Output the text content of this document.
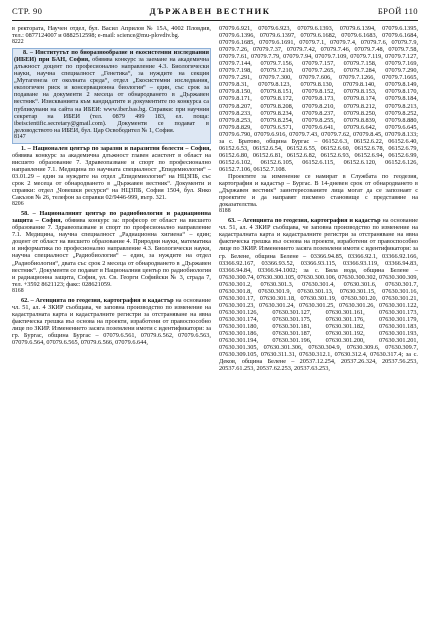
СТР. 90	ДЪРЖАВЕН ВЕСТНИК	БРОЙ 110

в ректората, Научен отдел, бул. Васил Априлов № 15А, 4002 Пловдив, тел.: 0877124007 и 0882512598; e-mail: science@mu-plovdiv.bg.

8222

8. – Институтът по биоразнообразие и екосистемни изследвания (ИБЕИ) при БАН, София, обявява конкурс за заемане на академична длъжност доцент по професионално направление 4.3. Биологически науки, научна специалност „Генетика“, за нуждите на секция „Мутагенеза от околната среда“, отдел „Екосистемни изследвания, екологичен риск и консервационна биология“ – един, със срок за подаване на документи 2 месеца от обнародването в „Държавен вестник“. Изискванията към кандидатите и документите по конкурса са публикувани на сайта на ИБЕИ: www.iber.bas.bg. Справки: при научния секретар на ИБЕИ (тел. 0879 499 183, ел. поща: ibeiscientific.secretary@gmail.com). Документи се подават в деловодството на ИБЕИ, бул. Цар Освободител № 1, София.

8147

1. – Национален център по заразни и паразитни болести – София, обявява конкурс за академична длъжност главен асистент в област на висшето образование 7. Здравеопазване и спорт по професионално направление 7.1. Медицина по научната специалност „Епидемиология“ – 03.01.29 – един за нуждите на отдел „Епидемиология“ на НЦЗПБ, със срок 2 месеца от обнародването в „Държавен вестник“. Документи и справки: отдел „Човешки ресурси“ на НЦЗПБ, София 1504, бул. Янко Сакъзов № 26, телефон за справки 02/9446-999, вътр. 321.

8206

58. – Националният център по радиобиология и радиационна защита – София, обявява конкурс за: професор от област на висшето образование 7. Здравеопазване и спорт по професионално направление 7.1. Медицина, научна специалност „Радиационна хигиена“ – един; доцент от област на висшето образование 4. Природни науки, математика и информатика по професионално направление 4.3. Биологически науки, научна специалност „Радиобиология“ – един, за нуждите на отдел „Радиобиология“, двата със срок 2 месеца от обнародването в „Държавен вестник“. Документи се подават в Националния център по радиобиология и радиационна защита, София, ул. Св. Георги Софийски № 3, сграда 7, тел. +3592 8621123; факс: 028621059.

8168

62. – Агенцията по геодезия, картография и кадастър на основание чл. 51, ал. 4 ЗКИР съобщава, че заповна производство по изменение на кадастралната карта и кадастралните регистри за отстраняване на явна фактическа грешка въз основа на проекти, изработени от правоспособно лице по ЗКИР. Изменението засяга поземлени имоти с идентификатори: за гр. Бургас, община Бургас – 07079.6.561, 07079.6.562, 07079.6.563, 07079.6.564, 07079.6.565, 07079.6.566, 07079.6.644,

07079.6.921, 07079.6.923, 07079.6.1393, 07079.6.1394, 07079.6.1395, 07079.6.1396, 07079.6.1397, 07079.6.1682, 07079.6.1683, 07079.6.1684, 07079.6.1685, 07079.6.1691, 07079.7.1, 07079.7.4, 07079.7.6, 07079.7.9, 07079.7.26, 07079.7.37, 07079.7.42, 07079.7.46, 07079.7.48, 07079.7.58, 07079.7.61, 07079.7.79, 07079.7.94, 07079.7.109, 07079.7.119, 07079.7.127, 07079.7.144, 07079.7.156, 07079.7.157, 07079.7.158, 07079.7.169, 07079.7.198, 07079.7.210, 07079.7.265, 07079.7.284, 07079.7.290, 07079.7.291, 07079.7.300, 07079.7.606, 07079.7.1266, 07079.7.1665, 07079.8.31, 07079.8.123, 07079.8.130, 07079.8.140, 07079.8.149, 07079.8.150, 07079.8.151, 07079.8.152, 07079.8.153, 07079.8.170, 07079.8.171, 07079.8.172, 07079.8.173, 07079.8.174, 07079.8.184, 07079.8.207, 07079.8.208, 07079.8.210, 07079.8.212, 07079.8.213, 07079.8.233, 07079.8.234, 07079.8.237, 07079.8.250, 07079.8.252, 07079.8.253, 07079.8.254, 07079.8.255, 07079.8.839, 07079.8.880, 07079.8.829, 07079.6.571, 07079.6.641, 07079.6.642, 07079.6.645, 07079.6.790, 07079.6.916, 07079.7.43, 07079.7.62, 07079.8.45, 07079.8.133; за с. Братово, община Бургас – 06152.6.3, 06152.6.22, 06152.6.40, 06152.6.53, 06152.6.54, 06152.6.55, 06152.6.60, 06152.6.78, 06152.6.79, 06152.6.80, 06152.6.81, 06152.6.82, 06152.6.93, 06152.6.94, 06152.6.99, 06152.6.102, 06152.6.105, 06152.6.115, 06152.6.120, 06152.6.126, 06152.7.106, 06152.7.108.

Проектите за изменение се намират в Службата по геодезия, картография и кадастър – Бургас. В 14-дневен срок от обнародването в „Държавен вестник“ заинтересованите лица могат да се запознаят с проектите и да направят писмено становище с представяне на доказателства.

8188

63. – Агенцията по геодезия, картография и кадастър на основание чл. 51, ал. 4 ЗКИР съобщава, че заповна производство по изменение на кадастралната карта и кадастралните регистри за отстраняване на явна фактическа грешка въз основа на проекти, изработени от правоспособно лице по ЗКИР. Изменението засяга поземлени имоти с идентификатори: за гр. Белене, община Белене – 03366.94.85, 03366.92.1, 03366.92.166, 03366.92.167, 03366.93.52, 03366.93.115, 03366.93.119, 03366.94.83, 03366.94.84, 03366.94.1002; за с. Бяла вода, община Белене – 07630.300.74, 07630.300.105, 07630.300.106, 07630.300.302, 07630.300.309, 07630.301.2, 07630.301.3, 07630.301.4, 07630.301.6, 07630.301.7, 07630.301.8, 07630.301.9, 07630.301.13, 07630.301.15, 07630.301.16, 07630.301.17, 07630.301.18, 07630.301.19, 07630.301.20, 07630.301.21, 07630.301.23, 07630.301.24, 07630.301.25, 07630.301.26, 07630.301.122, 07630.301.126, 07630.301.127, 07630.301.161, 07630.301.173, 07630.301.174, 07630.301.175, 07630.301.176, 07630.301.179, 07630.301.180, 07630.301.181, 07630.301.182, 07630.301.183, 07630.301.186, 07630.301.187, 07630.301.192, 07630.301.193, 07630.301.194, 07630.301.196, 07630.301.200, 07630.301.201, 07630.301.305, 07630.301.306, 07630.304.9, 07630.309.6, 07630.309.7, 07630.309.105, 07630.311.31, 07630.312.1, 07630.312.4, 07630.317.4; за с. Деков, община Белене – 20537.12.254, 20537.26.324, 20537.56.253, 20537.61.253, 20537.62.253, 20537.63.253,
